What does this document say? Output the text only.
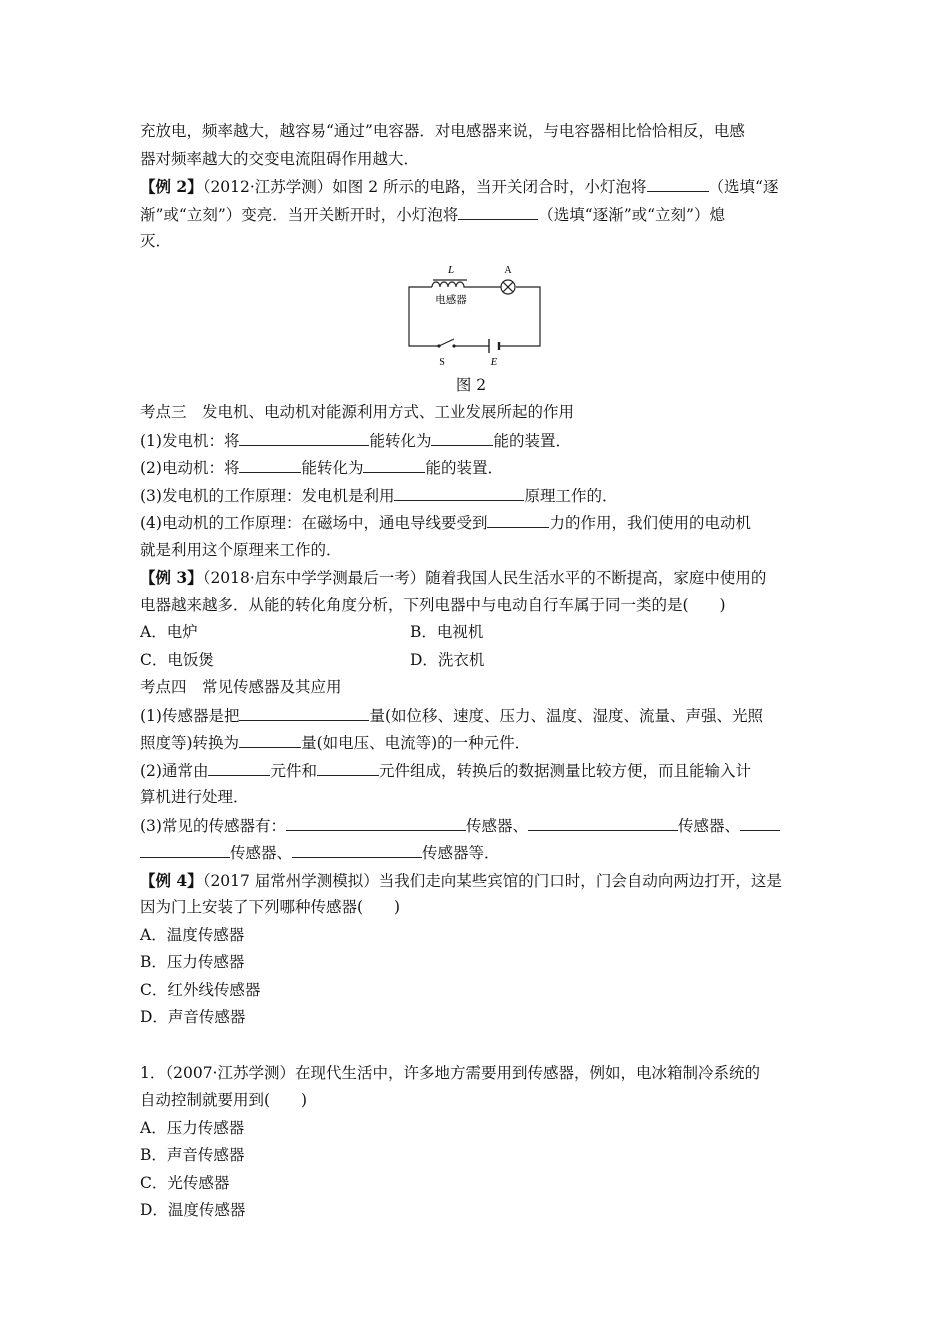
充放电，频率越大，越容易“通过”电容器．对电感器来说，与电容器相比恰恰相反，电感
器对频率越大的交变电流阻碍作用越大．
【例 2】（2012·江苏学测）如图 2 所示的电路，当开关闭合时，小灯泡将	（选填“逐
渐”或“立刻”）变亮．当开关断开时，小灯泡将	（选填“逐渐”或“立刻”）熄
灭．
L
电感器
A
S	E
图 2
考点三　发电机、电动机对能源利用方式、工业发展所起的作用
(1)发电机：将	能转化为	能的装置．
(2)电动机：将	能转化为	能的装置．
(3)发电机的工作原理：发电机是利用	原理工作的．
(4)电动机的工作原理：在磁场中，通电导线要受到	力的作用，我们使用的电动机
就是利用这个原理来工作的．
【例 3】（2018·启东中学学测最后一考）随着我国人民生活水平的不断提高，家庭中使用的
电器越来越多．从能的转化角度分析，下列电器中与电动自行车属于同一类的是(　　)
A．电炉	B．电视机
C．电饭煲	D．洗衣机
考点四　常见传感器及其应用
(1)传感器是把	量(如位移、速度、压力、温度、湿度、流量、声强、光照
照度等)转换为	量(如电压、电流等)的一种元件．
(2)通常由	元件和	元件组成，转换后的数据测量比较方便，而且能输入计
算机进行处理．
(3)常见的传感器有：	传感器、	传感器、
传感器、	传感器等．
【例 4】（2017 届常州学测模拟）当我们走向某些宾馆的门口时，门会自动向两边打开，这是
因为门上安装了下列哪种传感器(　　)
A．温度传感器
B．压力传感器
C．红外线传感器
D．声音传感器
1．（2007·江苏学测）在现代生活中，许多地方需要用到传感器，例如，电冰箱制冷系统的
自动控制就要用到(　　)
A．压力传感器
B．声音传感器
C．光传感器
D．温度传感器
